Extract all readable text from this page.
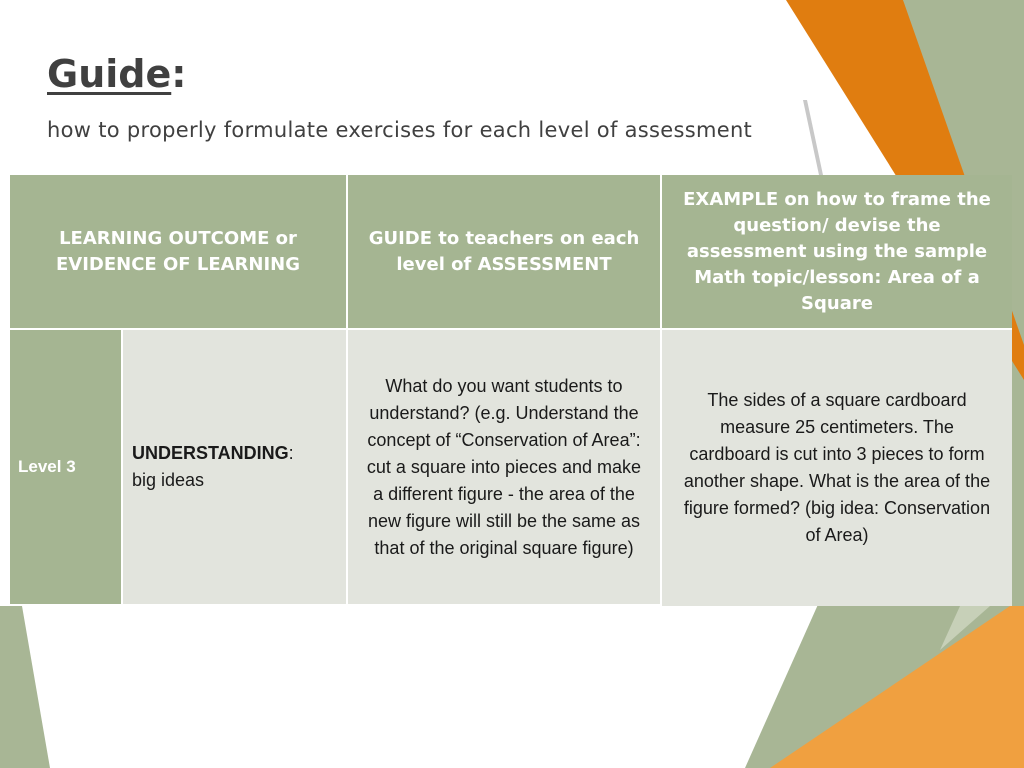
Guide:
how to properly formulate exercises for each level of assessment
LEARNING OUTCOME or EVIDENCE OF LEARNING
GUIDE to teachers on each level of ASSESSMENT
EXAMPLE on how to frame the question/ devise the assessment using the sample Math topic/lesson: Area of a Square
Level 3
UNDERSTANDING:
big ideas
What do you want students to understand? (e.g. Understand the concept of “Conservation of Area”: cut a square into pieces and make a different figure - the area of the new figure will still be the same as that of the original square figure)
The sides of a square cardboard measure 25 centimeters. The cardboard is cut into 3 pieces to form another shape. What is the area of the figure formed? (big idea: Conservation of Area)
